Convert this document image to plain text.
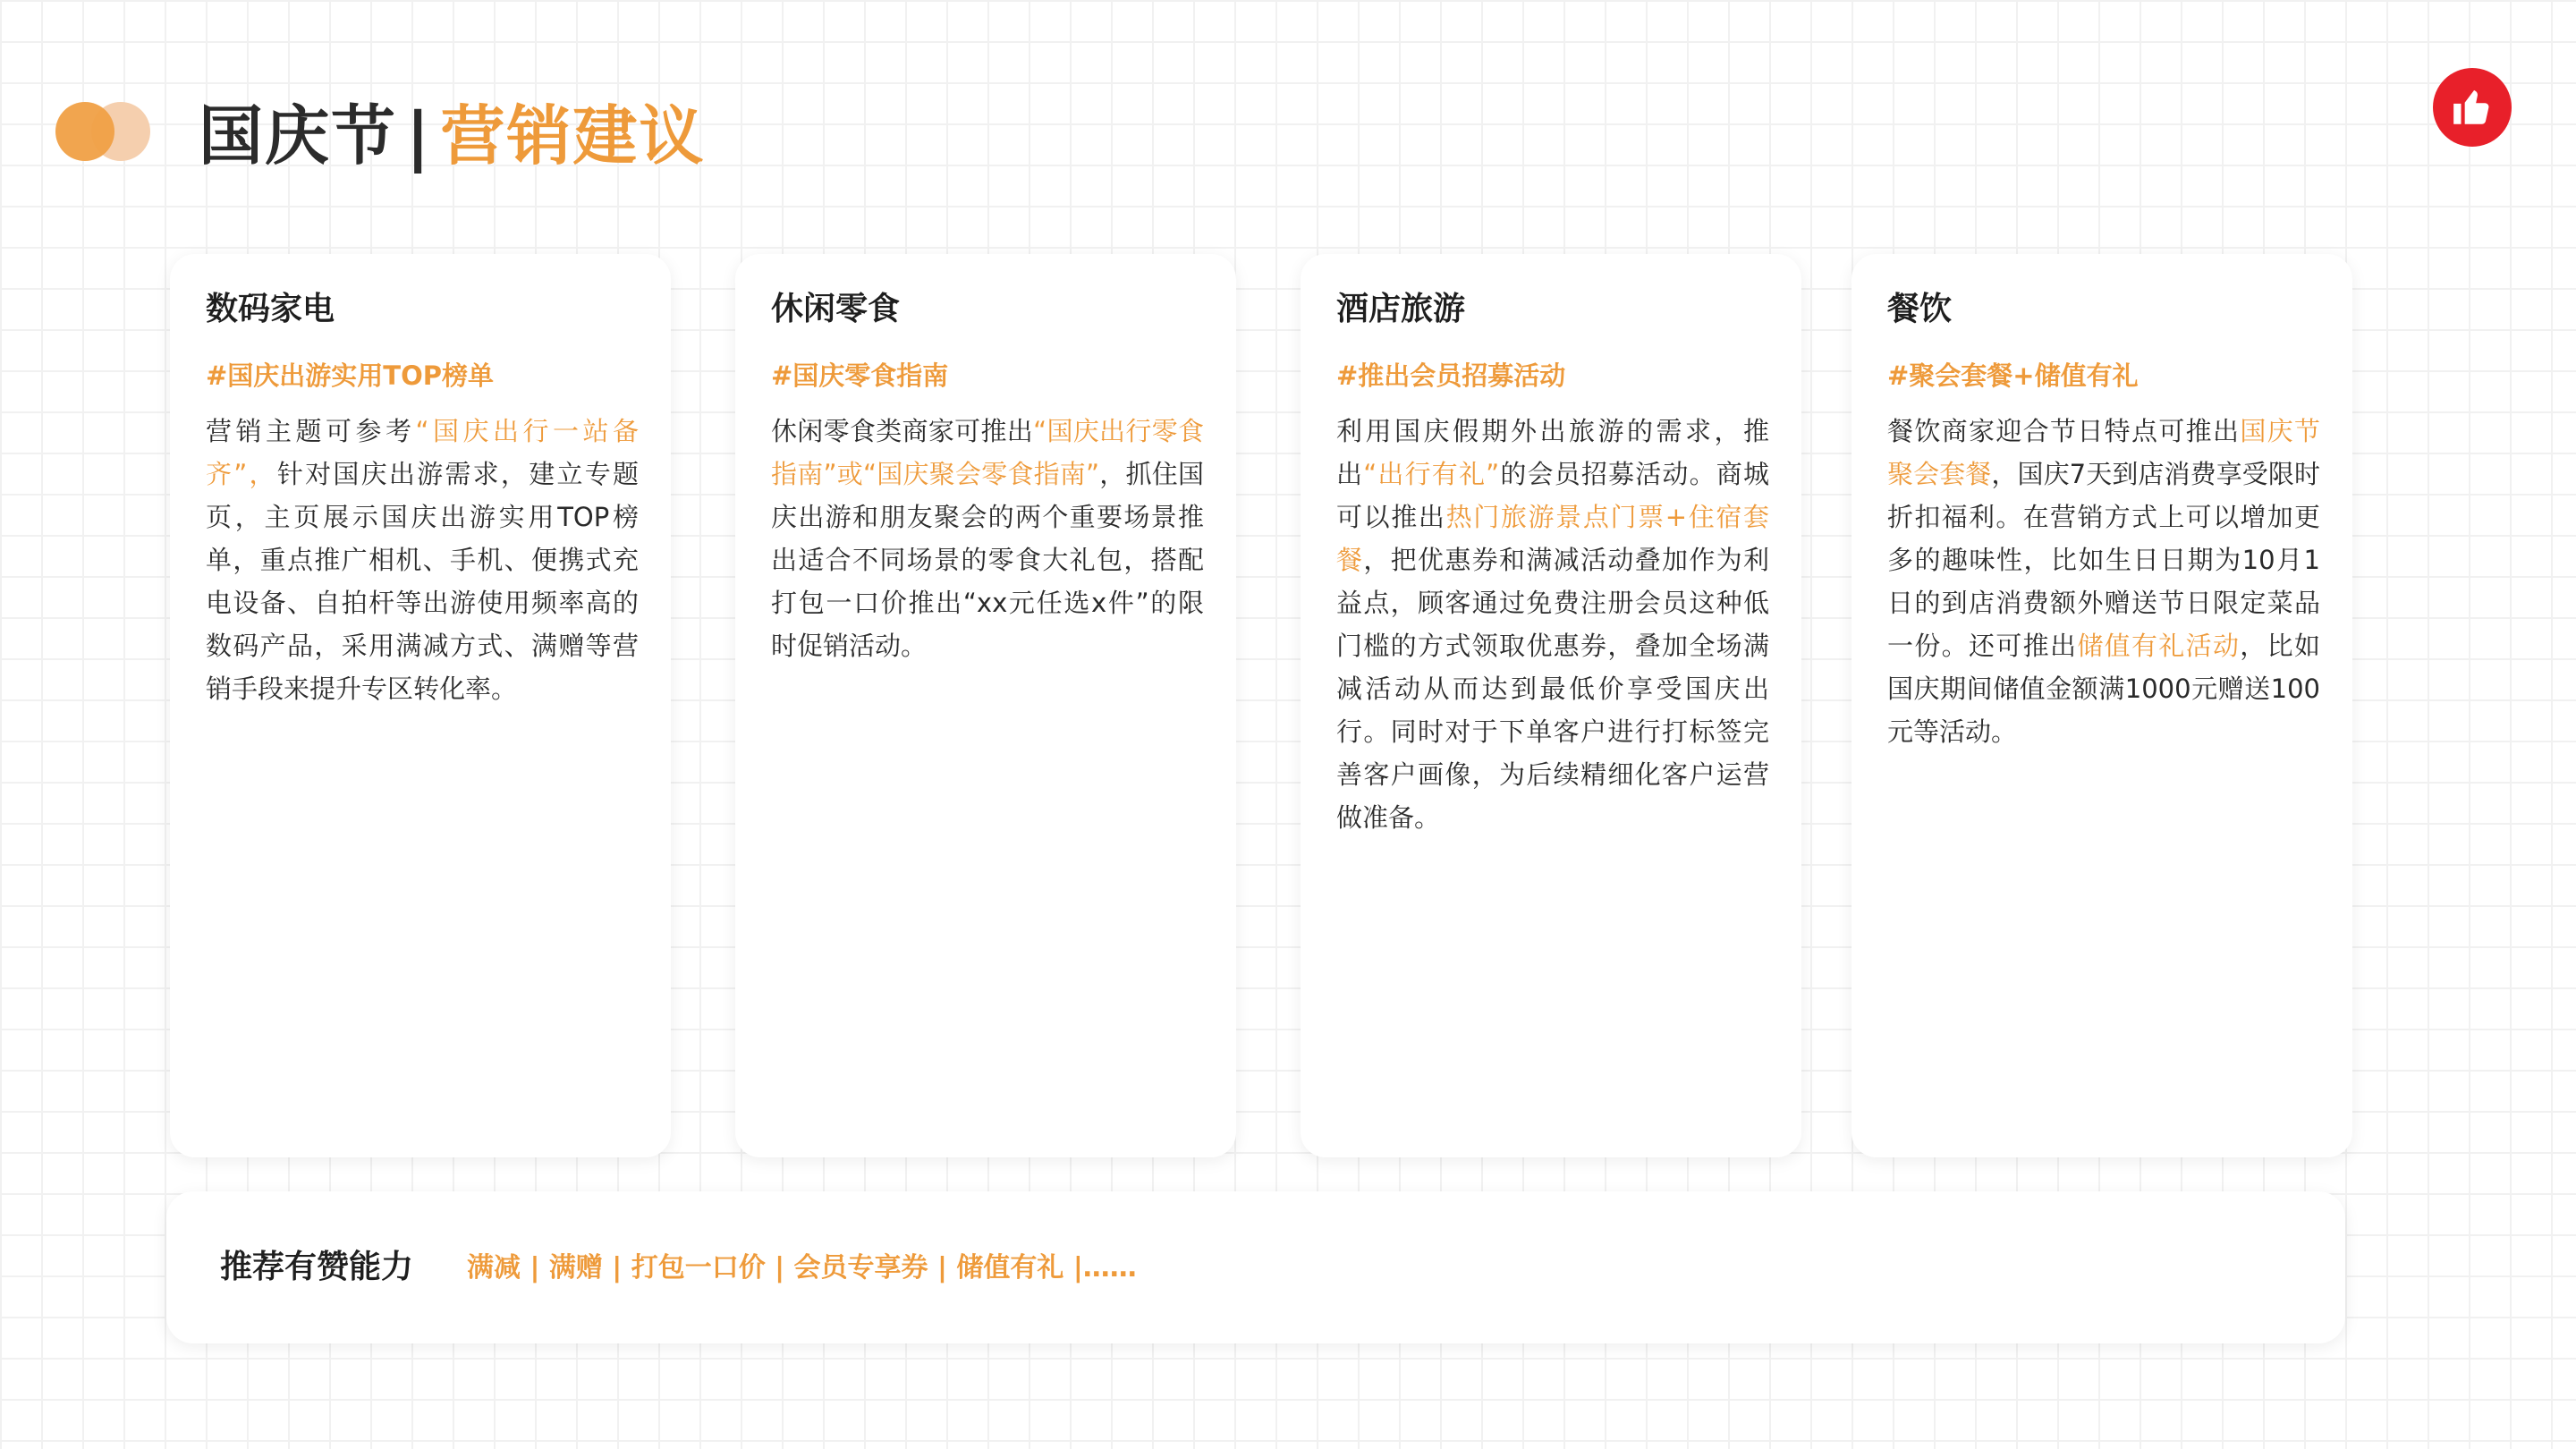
国庆节 | 营销建议
数码家电
#国庆出游实用TOP榜单
营销主题可参考“国庆出行一站备齐”，针对国庆出游需求，建立专题页，主页展示国庆出游实用TOP榜单，重点推广相机、手机、便携式充电设备、自拍杆等出游使用频率高的数码产品，采用满减方式、满赠等营销手段来提升专区转化率。
休闲零食
#国庆零食指南
休闲零食类商家可推出“国庆出行零食指南”或“国庆聚会零食指南”，抓住国庆出游和朋友聚会的两个重要场景推出适合不同场景的零食大礼包，搭配打包一口价推出“xx元任选x件”的限时促销活动。
酒店旅游
#推出会员招募活动
利用国庆假期外出旅游的需求，推出“出行有礼”的会员招募活动。商城可以推出热门旅游景点门票+住宿套餐，把优惠券和满减活动叠加作为利益点，顾客通过免费注册会员这种低门槛的方式领取优惠券，叠加全场满减活动从而达到最低价享受国庆出行。同时对于下单客户进行打标签完善客户画像，为后续精细化客户运营做准备。
餐饮
#聚会套餐+储值有礼
餐饮商家迎合节日特点可推出国庆节聚会套餐，国庆7天到店消费享受限时折扣福利。在营销方式上可以增加更多的趣味性，比如生日日期为10月1日的到店消费额外赠送节日限定菜品一份。还可推出储值有礼活动，比如国庆期间储值金额满1000元赠送100元等活动。
推荐有赞能力 满减 | 满赠 | 打包一口价 | 会员专享券 | 储值有礼 |……
